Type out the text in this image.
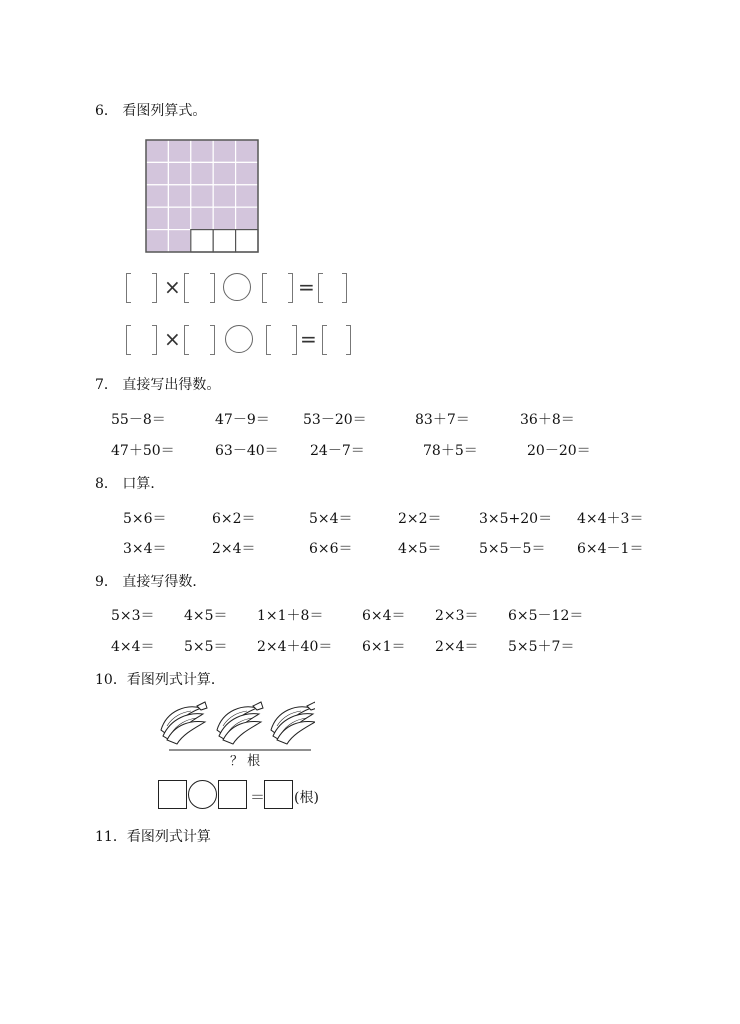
6． 看图列算式。
×	=
×	=
7． 直接写出得数。
55－8＝	47－9＝ 53－20＝	83＋7＝	36＋8＝
47＋50＝	63－40＝ 24－7＝	78＋5＝	20－20＝
8． 口算．
5×6＝	6×2＝	5×4＝	2×2＝	3×5+20＝ 4×4＋3＝
3×4＝	2×4＝	6×6＝	4×5＝	5×5－5＝ 6×4－1＝
9． 直接写得数．
5×3＝ 4×5＝ 1×1＋8＝	6×4＝ 2×3＝ 6×5－12＝
4×4＝ 5×5＝ 2×4＋40＝ 6×1＝ 2×4＝ 5×5＋7＝
10．看图列式计算．
？ 根
＝ (根)
11．看图列式计算
